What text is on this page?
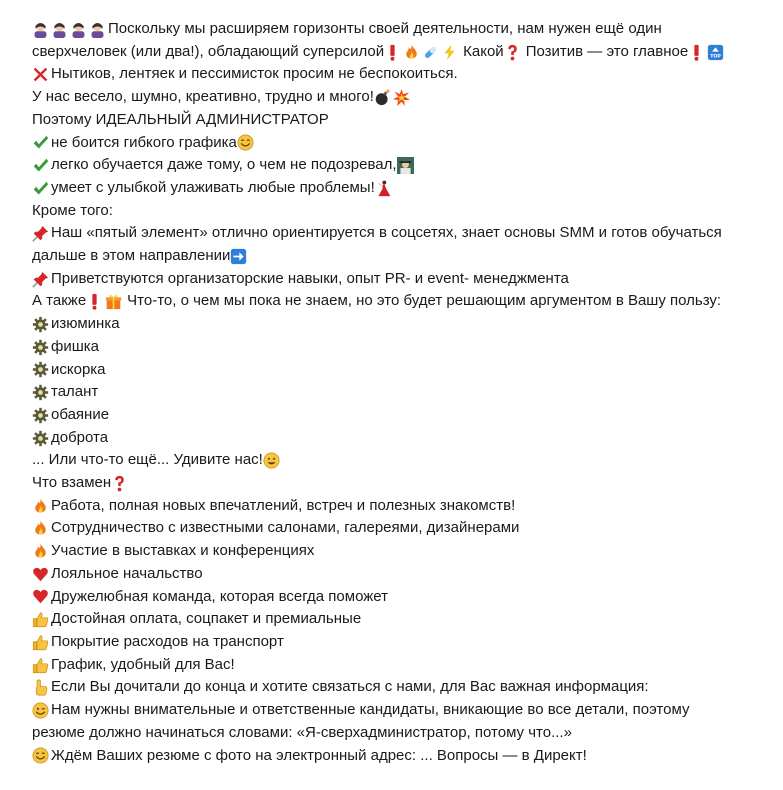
Поскольку мы расширяем горизонты своей деятельности, нам нужен ещё один
сверхчеловек (или два!), обладающий суперсилой	Какой Позитив — это главное	TOP
Нытиков, лентяек и пессимисток просим не беспокоиться.
У нас весело, шумно, креативно, трудно и много!
Поэтому ИДЕАЛЬНЫЙ АДМИНИСТРАТОР
не боится гибкого графика
легко обучается даже тому, о чем не подозревал,
умеет с улыбкой улаживать любые проблемы!
Кроме того:
Наш «пятый элемент» отлично ориентируется в соцсетях, знает основы SMM и готов обучаться
дальше в этом направлении
Приветствуются организаторские навыки, опыт PR- и event- менеджмента
А также	Что-то, о чем мы пока не знаем, но это будет решающим аргументом в Вашу пользу:
изюминка
фишка
искорка
талант
обаяние
доброта
... Или что-то ещё... Удивите нас!
Что взамен
Работа, полная новых впечатлений, встреч и полезных знакомств!
Сотрудничество с известными салонами, галереями, дизайнерами
Участие в выставках и конференциях
Лояльное начальство
Дружелюбная команда, которая всегда поможет
Достойная оплата, соцпакет и премиальные
Покрытие расходов на транспорт
График, удобный для Вас!
Если Вы дочитали до конца и хотите связаться с нами, для Вас важная информация:
Нам нужны внимательные и ответственные кандидаты, вникающие во все детали, поэтому
резюме должно начинаться словами: «Я-сверхадминистратор, потому что...»
Ждём Ваших резюме с фото на электронный адрес: ... Вопросы — в Директ!
